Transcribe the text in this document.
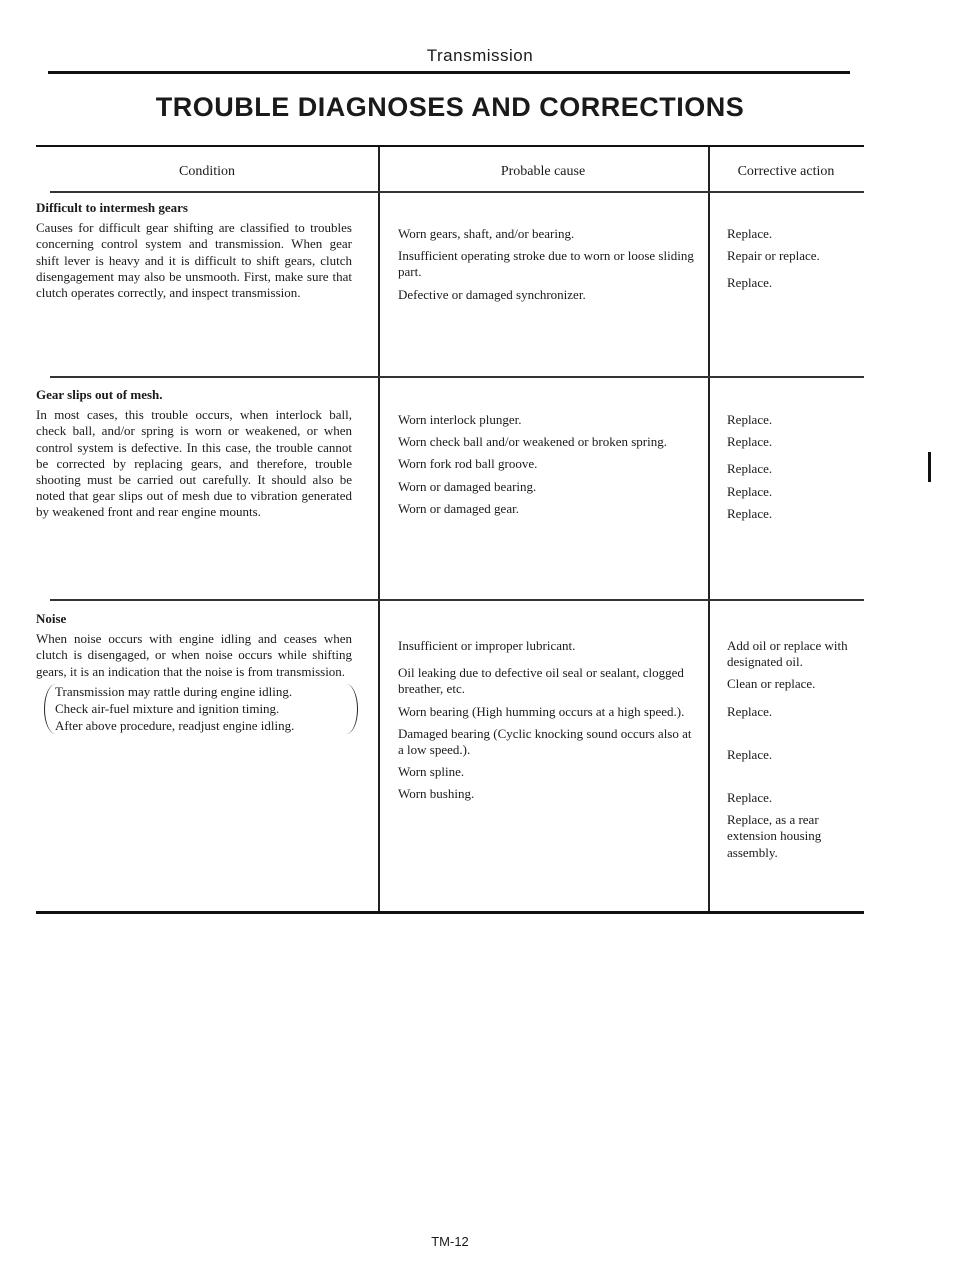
Transmission
TROUBLE DIAGNOSES AND CORRECTIONS
Condition	Probable cause	Corrective action
Difficult to intermesh gears

Causes for difficult gear shifting are classified to troubles concerning control system and transmission. When gear shift lever is heavy and it is difficult to shift gears, clutch disengagement may also be unsmooth. First, make sure that clutch operates correctly, and inspect transmission.

Worn gears, shaft, and/or bearing.
Insufficient operating stroke due to worn or loose sliding part.
Defective or damaged synchronizer.
Replace.
Repair or replace.
Replace.
Gear slips out of mesh.

In most cases, this trouble occurs, when interlock ball, check ball, and/or spring is worn or weakened, or when control system is defective. In this case, the trouble cannot be corrected by replacing gears, and therefore, trouble shooting must be carried out carefully. It should also be noted that gear slips out of mesh due to vibration generated by weakened front and rear engine mounts.

Worn interlock plunger.
Worn check ball and/or weakened or broken spring.
Worn fork rod ball groove.
Worn or damaged bearing.
Worn or damaged gear.
Replace.
Replace.
Replace.
Replace.
Replace.
Noise

When noise occurs with engine idling and ceases when clutch is disengaged, or when noise occurs while shifting gears, it is an indication that the noise is from transmission.

Transmission may rattle during engine idling.
Check air-fuel mixture and ignition timing.
After above procedure, readjust engine idling.
Insufficient or improper lubricant.
Oil leaking due to defective oil seal or sealant, clogged breather, etc.
Worn bearing (High humming occurs at a high speed.).
Damaged bearing (Cyclic knocking sound occurs also at a low speed.).
Worn spline.
Worn bushing.
Add oil or replace with designated oil.
Clean or replace.
Replace.
Replace.
Replace.
Replace, as a rear extension housing assembly.
TM-12
